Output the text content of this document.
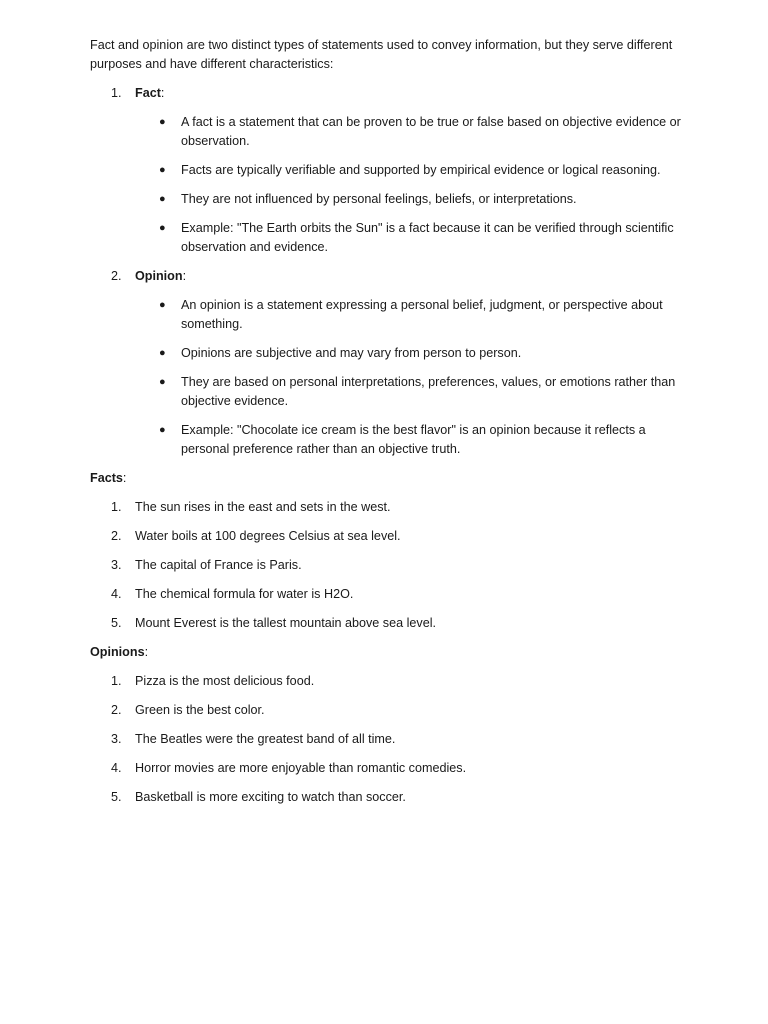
Fact and opinion are two distinct types of statements used to convey information, but they serve different purposes and have different characteristics:

1. Fact:
● A fact is a statement that can be proven to be true or false based on objective evidence or observation.
● Facts are typically verifiable and supported by empirical evidence or logical reasoning.
● They are not influenced by personal feelings, beliefs, or interpretations.
● Example: "The Earth orbits the Sun" is a fact because it can be verified through scientific observation and evidence.
2. Opinion:
● An opinion is a statement expressing a personal belief, judgment, or perspective about something.
● Opinions are subjective and may vary from person to person.
● They are based on personal interpretations, preferences, values, or emotions rather than objective evidence.
● Example: "Chocolate ice cream is the best flavor" is an opinion because it reflects a personal preference rather than an objective truth.

Facts:

1. The sun rises in the east and sets in the west.
2. Water boils at 100 degrees Celsius at sea level.
3. The capital of France is Paris.
4. The chemical formula for water is H2O.
5. Mount Everest is the tallest mountain above sea level.

Opinions:

1. Pizza is the most delicious food.
2. Green is the best color.
3. The Beatles were the greatest band of all time.
4. Horror movies are more enjoyable than romantic comedies.
5. Basketball is more exciting to watch than soccer.
